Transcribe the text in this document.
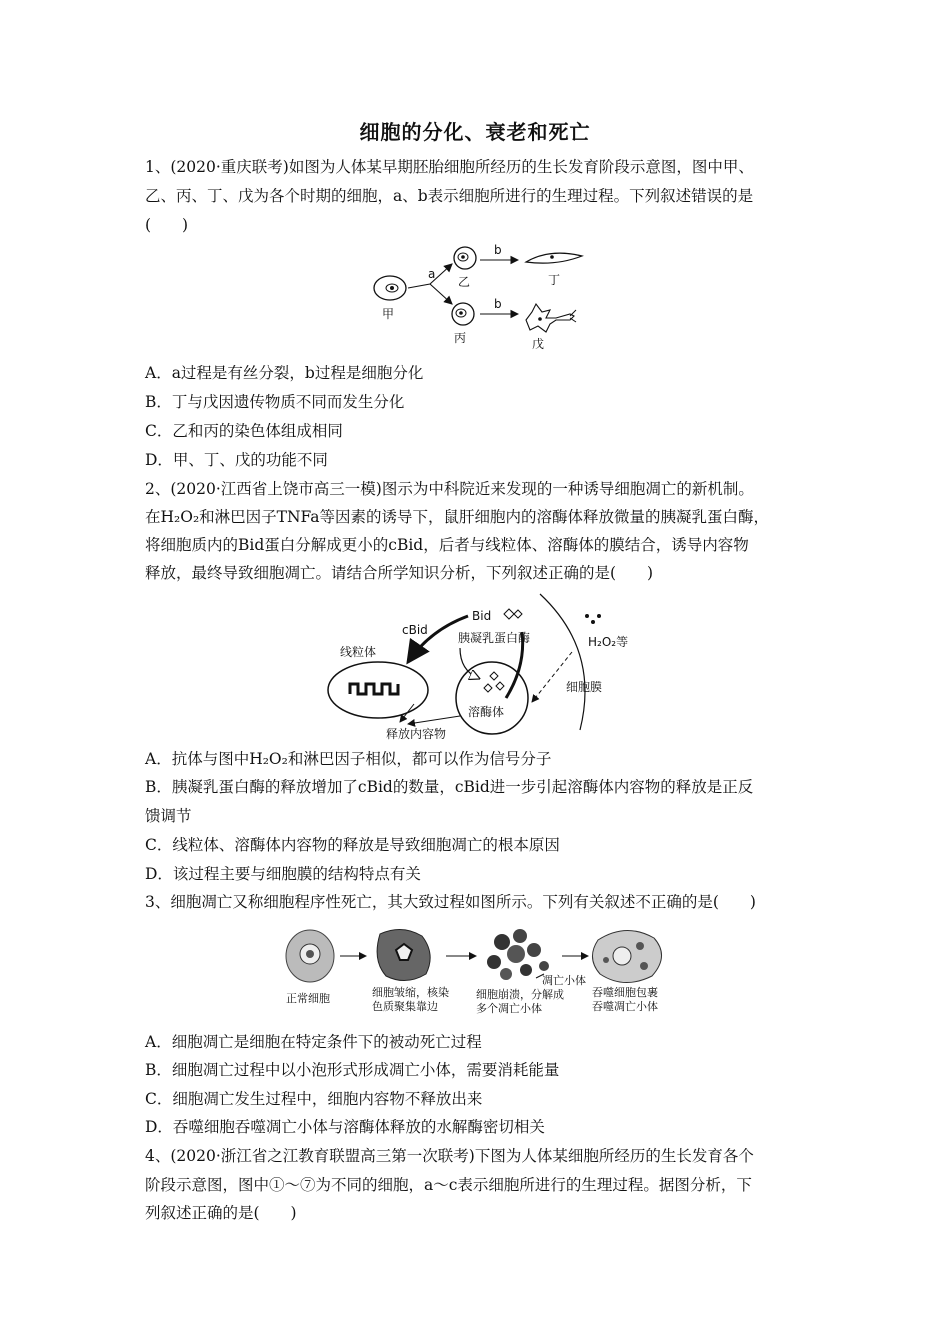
细胞的分化、衰老和死亡
1、(2020·重庆联考)如图为人体某早期胚胎细胞所经历的生长发育阶段示意图，图中甲、
乙、丙、丁、戊为各个时期的细胞，a、b表示细胞所进行的生理过程。下列叙述错误的是
(　　)
甲
a
乙
丙
b
b
丁
戊
A．a过程是有丝分裂，b过程是细胞分化
B．丁与戊因遗传物质不同而发生分化
C．乙和丙的染色体组成相同
D．甲、丁、戊的功能不同
2、(2020·江西省上饶市高三一模)图示为中科院近来发现的一种诱导细胞凋亡的新机制。
在H₂O₂和淋巴因子TNFa等因素的诱导下，鼠肝细胞内的溶酶体释放微量的胰凝乳蛋白酶，
将细胞质内的Bid蛋白分解成更小的cBid，后者与线粒体、溶酶体的膜结合，诱导内容物
释放，最终导致细胞凋亡。请结合所学知识分析，下列叙述正确的是(　　)
细胞膜
H₂O₂等
Bid
胰凝乳蛋白酶
cBid
线粒体
溶酶体
释放内容物
A．抗体与图中H₂O₂和淋巴因子相似，都可以作为信号分子
B．胰凝乳蛋白酶的释放增加了cBid的数量，cBid进一步引起溶酶体内容物的释放是正反
馈调节
C．线粒体、溶酶体内容物的释放是导致细胞凋亡的根本原因
D．该过程主要与细胞膜的结构特点有关
3、细胞凋亡又称细胞程序性死亡，其大致过程如图所示。下列有关叙述不正确的是(　　)
正常细胞	细胞皱缩，核染
色质聚集靠边
凋亡小体
细胞崩溃，分解成
多个凋亡小体
吞噬细胞包裹
吞噬凋亡小体
A．细胞凋亡是细胞在特定条件下的被动死亡过程
B．细胞凋亡过程中以小泡形式形成凋亡小体，需要消耗能量
C．细胞凋亡发生过程中，细胞内容物不释放出来
D．吞噬细胞吞噬凋亡小体与溶酶体释放的水解酶密切相关
4、(2020·浙江省之江教育联盟高三第一次联考)下图为人体某细胞所经历的生长发育各个
阶段示意图，图中①～⑦为不同的细胞，a～c表示细胞所进行的生理过程。据图分析，下
列叙述正确的是(　　)
